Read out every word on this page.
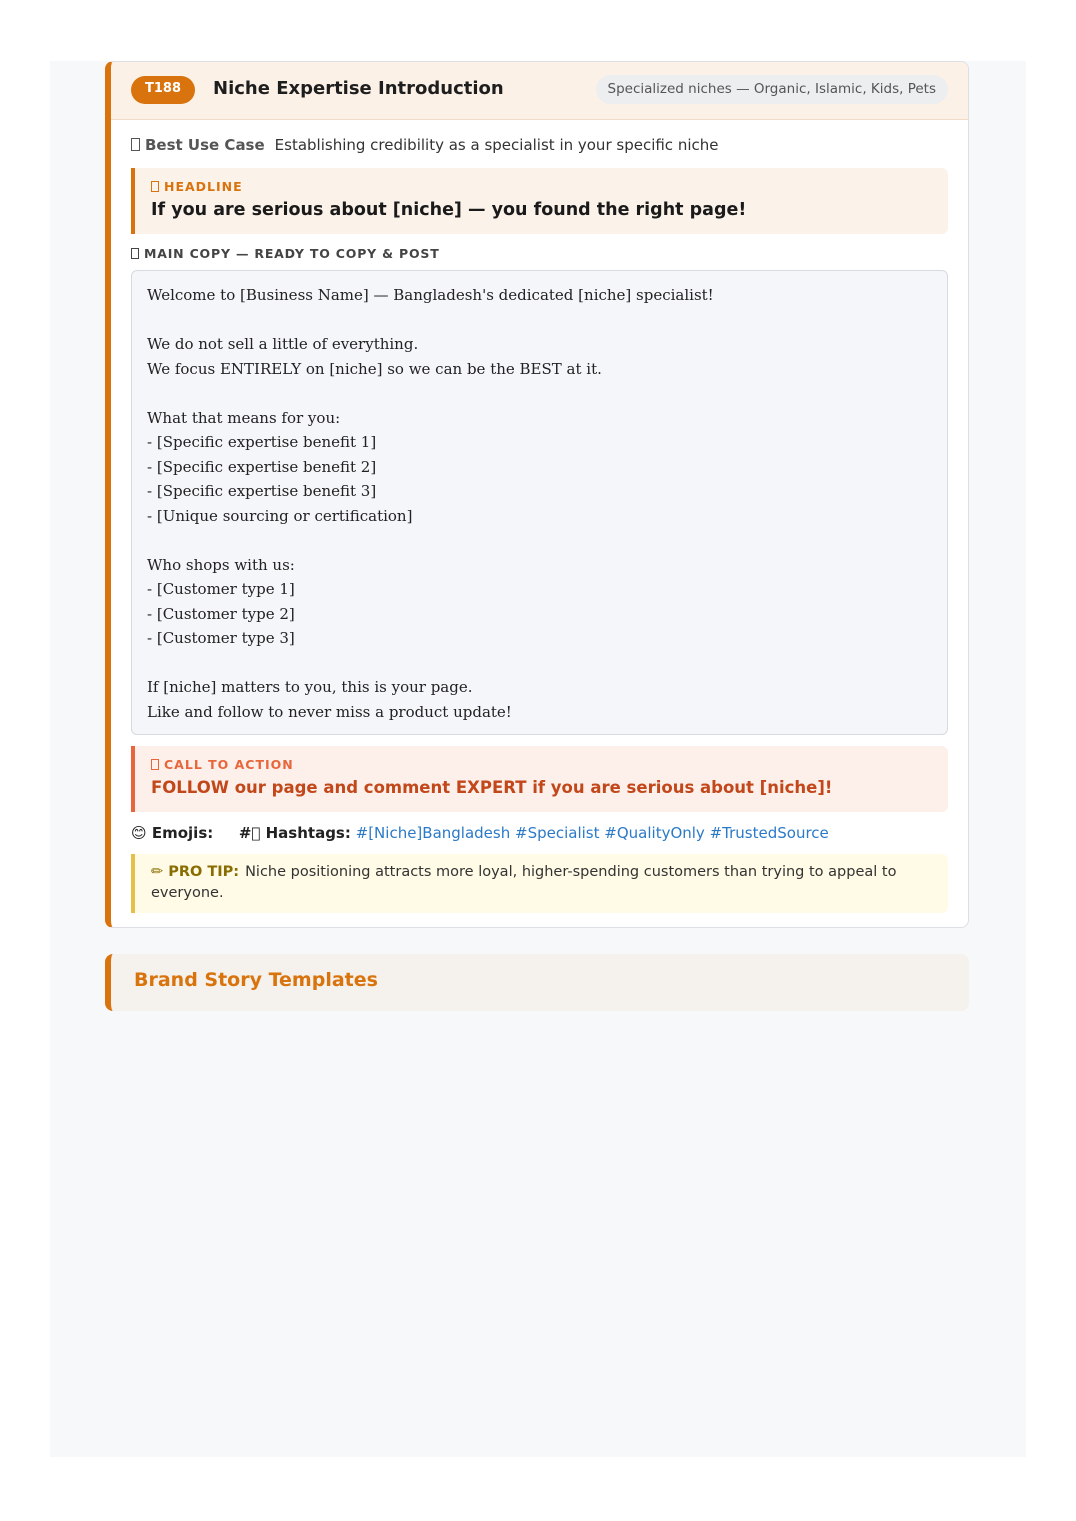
T188	Niche Expertise Introduction	Specialized niches — Organic, Islamic, Kids, Pets
Best Use Case Establishing credibility as a specialist in your specific niche
HEADLINE
If you are serious about [niche] — you found the right page!
MAIN COPY — READY TO COPY & POST
Welcome to [Business Name] — Bangladesh's dedicated [niche] specialist!
We do not sell a little of everything.
We focus ENTIRELY on [niche] so we can be the BEST at it.
What that means for you:
- [Specific expertise benefit 1]
- [Specific expertise benefit 2]
- [Specific expertise benefit 3]
- [Unique sourcing or certification]
Who shops with us:
- [Customer type 1]
- [Customer type 2]
- [Customer type 3]
If [niche] matters to you, this is your page.
Like and follow to never miss a product update!
CALL TO ACTION
FOLLOW our page and comment EXPERT if you are serious about [niche]!
😊 Emojis: #⃣ Hashtags: #[Niche]Bangladesh #Specialist #QualityOnly #TrustedSource
✏ PRO TIP: Niche positioning attracts more loyal, higher-spending customers than trying to appeal to everyone.
Brand Story Templates
